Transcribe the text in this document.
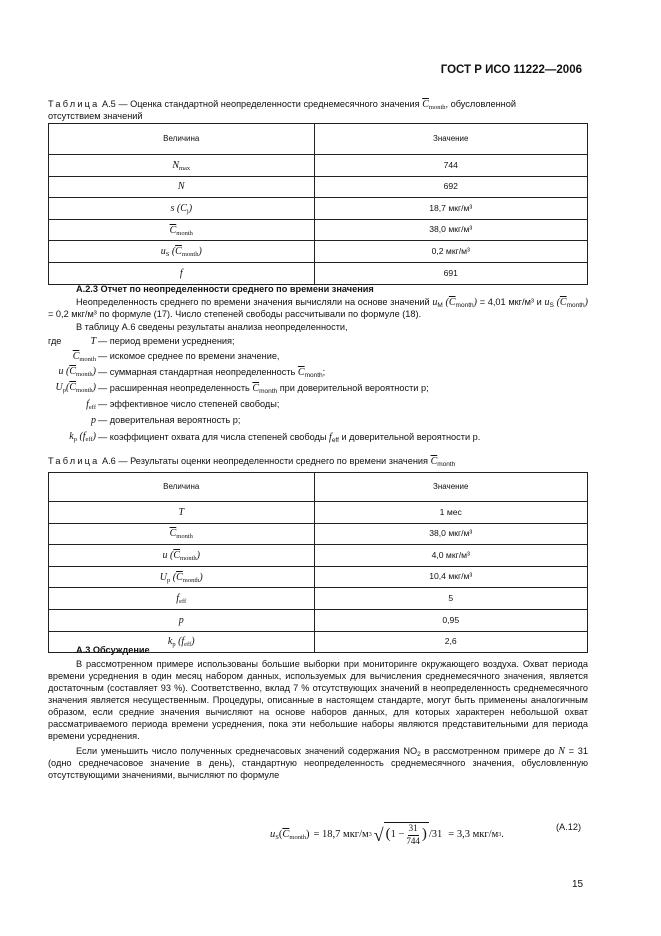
ГОСТ Р ИСО 11222—2006
Таблица A.5 — Оценка стандартной неопределенности среднемесячного значения $\overline{C}_{month}$, обусловленной
отсутствием значений
Величина	Значение
$N_{max}$	744
N	692
s $(C_j)$	18,7 мкг/м³
$\overline{C}_{month}$	38,0 мкг/м³
$u_S$ $(\overline{C}_{month})$	0,2 мкг/м³
f	691
A.2.3 Отчет по неопределенности среднего по времени значения
Неопределенность среднего по времени значения вычисляли на основе значений $u_M$ $(\overline{C}_{month}) = 4,01$ мкг/м³ и $u_S$ $(\overline{C}_{month}) = 0,2$ мкг/м³ по формуле (17). Число степеней свободы рассчитывали по формуле (18).
В таблицу A.6 сведены результаты анализа неопределенности,
где	T — период времени усреднения;
$\overline{C}_{month}$ — искомое среднее по времени значение,
u $(\overline{C}_{month})$ — суммарная стандартная неопределенность $\overline{C}_{month}$;
$U_p(\overline{C}_{month})$ — расширенная неопределенность $\overline{C}_{month}$ при доверительной вероятности p;
$f_{eff}$ — эффективное число степеней свободы;
p — доверительная вероятность p;
$k_p$ $(f_{eff})$ — коэффициент охвата для числа степеней свободы $f_{eff}$ и доверительной вероятности p.
Таблица A.6 — Результаты оценки неопределенности среднего по времени значения $\overline{C}_{month}$
Величина	Значение
T	1 мес
$\overline{C}_{month}$	38,0 мкг/м³
u $(\overline{C}_{month})$	4,0 мкг/м³
$U_p$ $(\overline{C}_{month})$	10,4 мкг/м³
$f_{eff}$	5
p	0,95
$k_p$ $(f_{eff})$	2,6
A.3 Обсуждение
В рассмотренном примере использованы большие выборки при мониторинге окружающего воздуха. Охват периода времени усреднения в один месяц набором данных, используемых для вычисления среднемесячного значения, является достаточным (составляет 93 %). Соответственно, вклад 7 % отсутствующих значений в неопределенность среднемесячного значения является несущественным. Процедуры, описанные в настоящем стандарте, могут быть применены аналогичным образом, если средние значения вычисляют на основе наборов данных, для которых характерен небольшой охват рассматриваемого периода времени усреднения, пока эти небольшие наборы являются представительными для периода времени усреднения.
Если уменьшить число полученных среднечасовых значений содержания $NO_2$ в рассмотренном примере до N = 31 (одно среднечасовое значение в день), стандартную неопределенность среднемесячного значения, обусловленную отсутствующими значениями, вычисляют по формуле
$u_S(\overline{C}_{month}) = 18,7$ мкг/м 3 √ ( 1 −
31
744 ) /31 = 3,3 мкг/м 3 .
(A.12)
15
